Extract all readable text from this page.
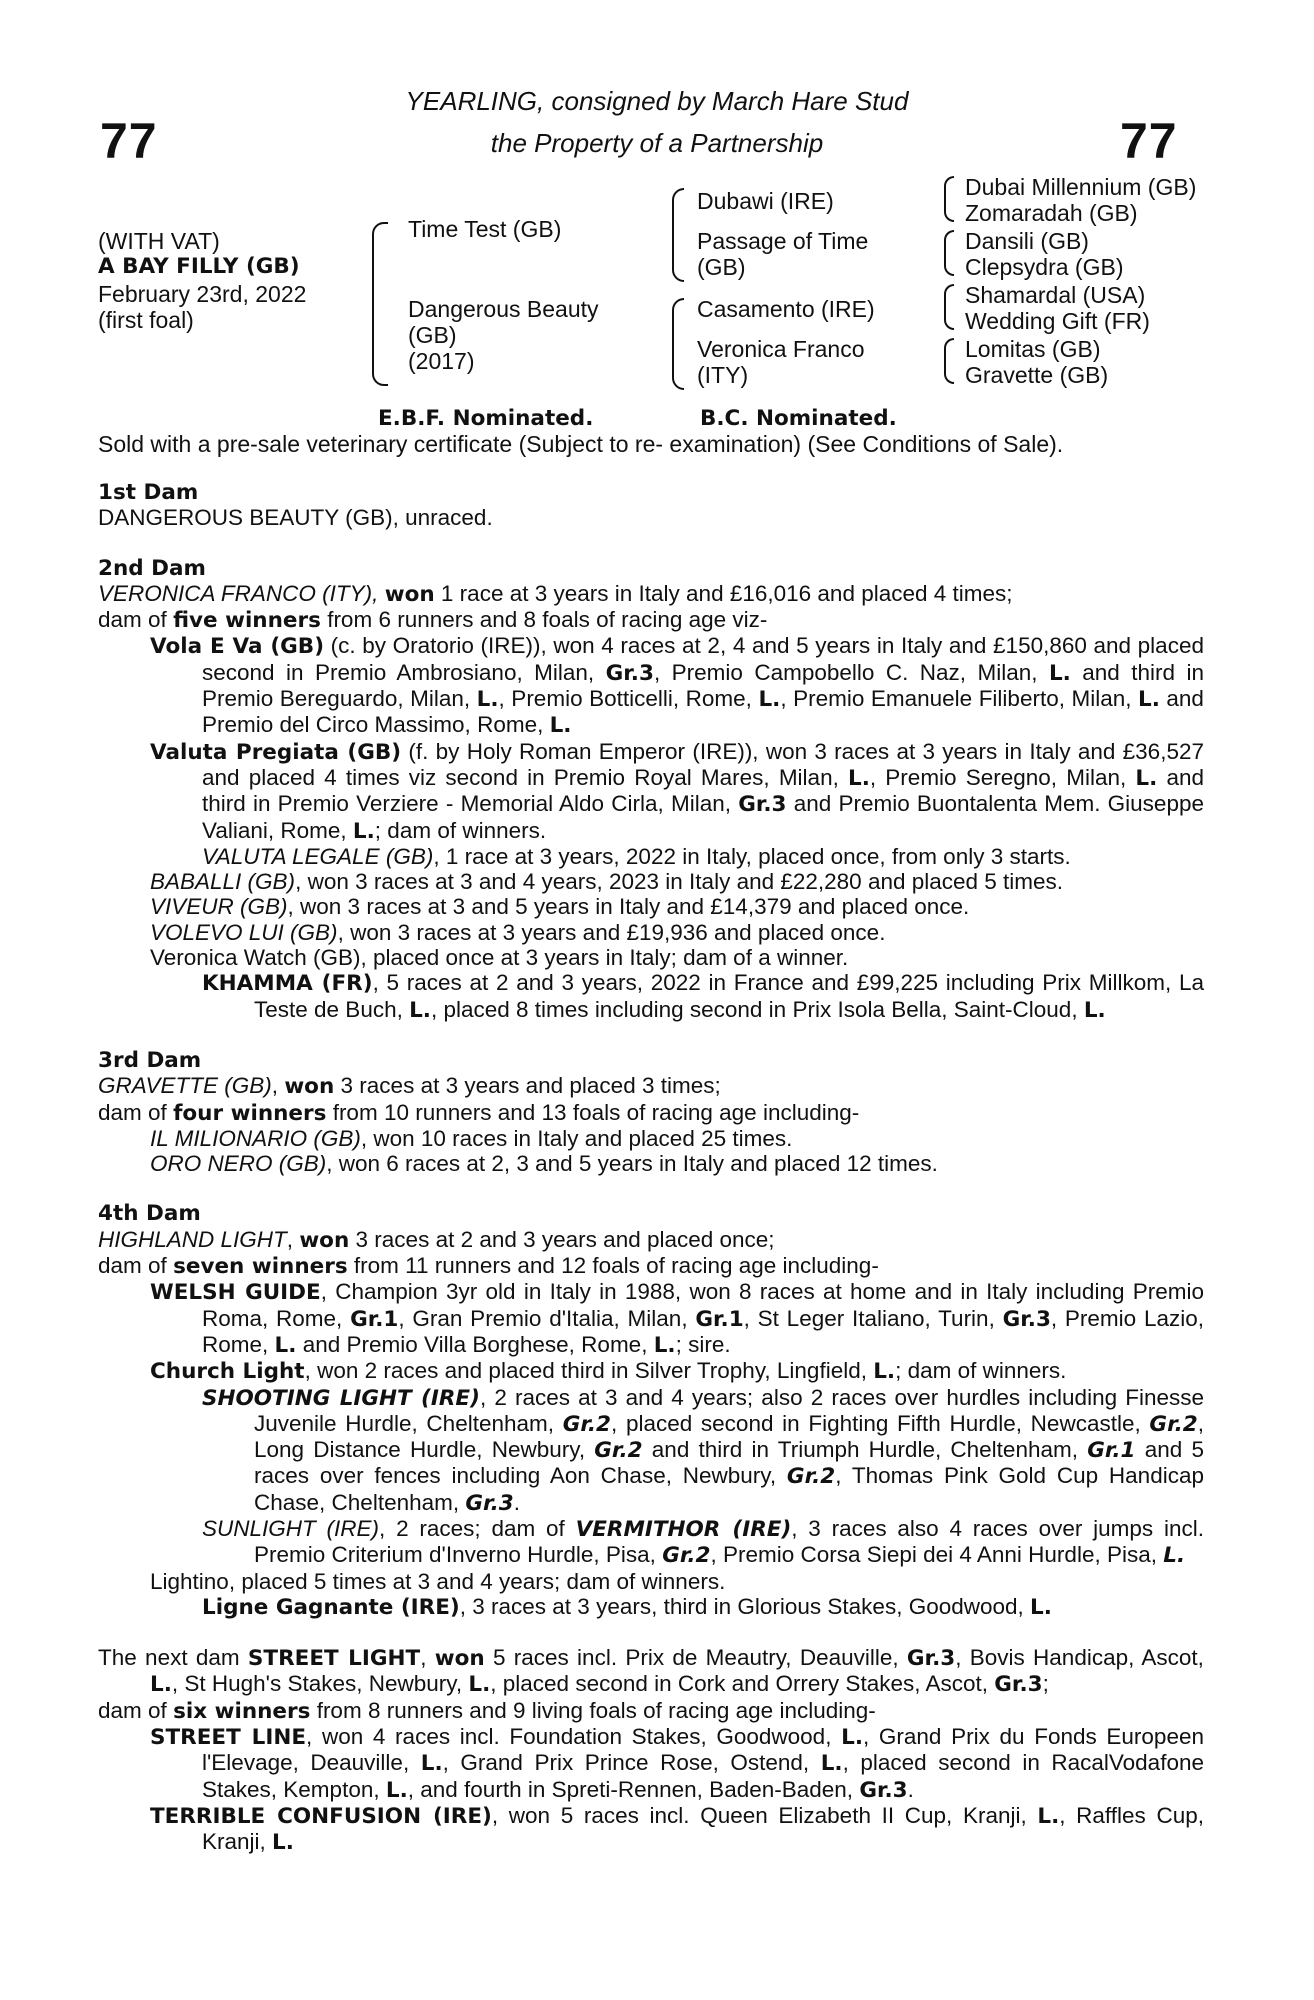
77	77
YEARLING, consigned by March Hare Stud
the Property of a Partnership
(WITH VAT)
A BAY FILLY (GB)
February 23rd, 2022
(first foal)
Time Test (GB)
Dangerous Beauty
(GB)
(2017)
Dubawi (IRE)
Passage of Time
(GB)
Casamento (IRE)
Veronica Franco
(ITY)
Dubai Millennium (GB)
Zomaradah (GB)
Dansili (GB)
Clepsydra (GB)
Shamardal (USA)
Wedding Gift (FR)
Lomitas (GB)
Gravette (GB)
E.B.F. Nominated.	B.C. Nominated.
Sold with a pre-sale veterinary certificate (Subject to re- examination) (See Conditions of Sale).
1st Dam
DANGEROUS BEAUTY (GB), unraced.
2nd Dam
VERONICA FRANCO (ITY), won 1 race at 3 years in Italy and £16,016 and placed 4 times;
dam of five winners from 6 runners and 8 foals of racing age viz-
Vola E Va (GB) (c. by Oratorio (IRE)), won 4 races at 2, 4 and 5 years in Italy and £150,860 and placed second in Premio Ambrosiano, Milan, Gr.3, Premio Campobello C. Naz, Milan, L. and third in Premio Bereguardo, Milan, L., Premio Botticelli, Rome, L., Premio Emanuele Filiberto, Milan, L. and Premio del Circo Massimo, Rome, L.
Valuta Pregiata (GB) (f. by Holy Roman Emperor (IRE)), won 3 races at 3 years in Italy and £36,527 and placed 4 times viz second in Premio Royal Mares, Milan, L., Premio Seregno, Milan, L. and third in Premio Verziere - Memorial Aldo Cirla, Milan, Gr.3 and Premio Buontalenta Mem. Giuseppe Valiani, Rome, L.; dam of winners.
VALUTA LEGALE (GB), 1 race at 3 years, 2022 in Italy, placed once, from only 3 starts.
BABALLI (GB), won 3 races at 3 and 4 years, 2023 in Italy and £22,280 and placed 5 times.
VIVEUR (GB), won 3 races at 3 and 5 years in Italy and £14,379 and placed once.
VOLEVO LUI (GB), won 3 races at 3 years and £19,936 and placed once.
Veronica Watch (GB), placed once at 3 years in Italy; dam of a winner.
KHAMMA (FR), 5 races at 2 and 3 years, 2022 in France and £99,225 including Prix Millkom, La Teste de Buch, L., placed 8 times including second in Prix Isola Bella, Saint-Cloud, L.
3rd Dam
GRAVETTE (GB), won 3 races at 3 years and placed 3 times;
dam of four winners from 10 runners and 13 foals of racing age including-
IL MILIONARIO (GB), won 10 races in Italy and placed 25 times.
ORO NERO (GB), won 6 races at 2, 3 and 5 years in Italy and placed 12 times.
4th Dam
HIGHLAND LIGHT, won 3 races at 2 and 3 years and placed once;
dam of seven winners from 11 runners and 12 foals of racing age including-
WELSH GUIDE, Champion 3yr old in Italy in 1988, won 8 races at home and in Italy including Premio Roma, Rome, Gr.1, Gran Premio d'Italia, Milan, Gr.1, St Leger Italiano, Turin, Gr.3, Premio Lazio, Rome, L. and Premio Villa Borghese, Rome, L.; sire.
Church Light, won 2 races and placed third in Silver Trophy, Lingfield, L.; dam of winners.
SHOOTING LIGHT (IRE), 2 races at 3 and 4 years; also 2 races over hurdles including Finesse Juvenile Hurdle, Cheltenham, Gr.2, placed second in Fighting Fifth Hurdle, Newcastle, Gr.2, Long Distance Hurdle, Newbury, Gr.2 and third in Triumph Hurdle, Cheltenham, Gr.1 and 5 races over fences including Aon Chase, Newbury, Gr.2, Thomas Pink Gold Cup Handicap Chase, Cheltenham, Gr.3.
SUNLIGHT (IRE), 2 races; dam of VERMITHOR (IRE), 3 races also 4 races over jumps incl. Premio Criterium d'Inverno Hurdle, Pisa, Gr.2, Premio Corsa Siepi dei 4 Anni Hurdle, Pisa, L.
Lightino, placed 5 times at 3 and 4 years; dam of winners.
Ligne Gagnante (IRE), 3 races at 3 years, third in Glorious Stakes, Goodwood, L.
The next dam STREET LIGHT, won 5 races incl. Prix de Meautry, Deauville, Gr.3, Bovis Handicap, Ascot, L., St Hugh's Stakes, Newbury, L., placed second in Cork and Orrery Stakes, Ascot, Gr.3;
dam of six winners from 8 runners and 9 living foals of racing age including-
STREET LINE, won 4 races incl. Foundation Stakes, Goodwood, L., Grand Prix du Fonds Europeen l'Elevage, Deauville, L., Grand Prix Prince Rose, Ostend, L., placed second in RacalVodafone Stakes, Kempton, L., and fourth in Spreti-Rennen, Baden-Baden, Gr.3.
TERRIBLE CONFUSION (IRE), won 5 races incl. Queen Elizabeth II Cup, Kranji, L., Raffles Cup, Kranji, L.
